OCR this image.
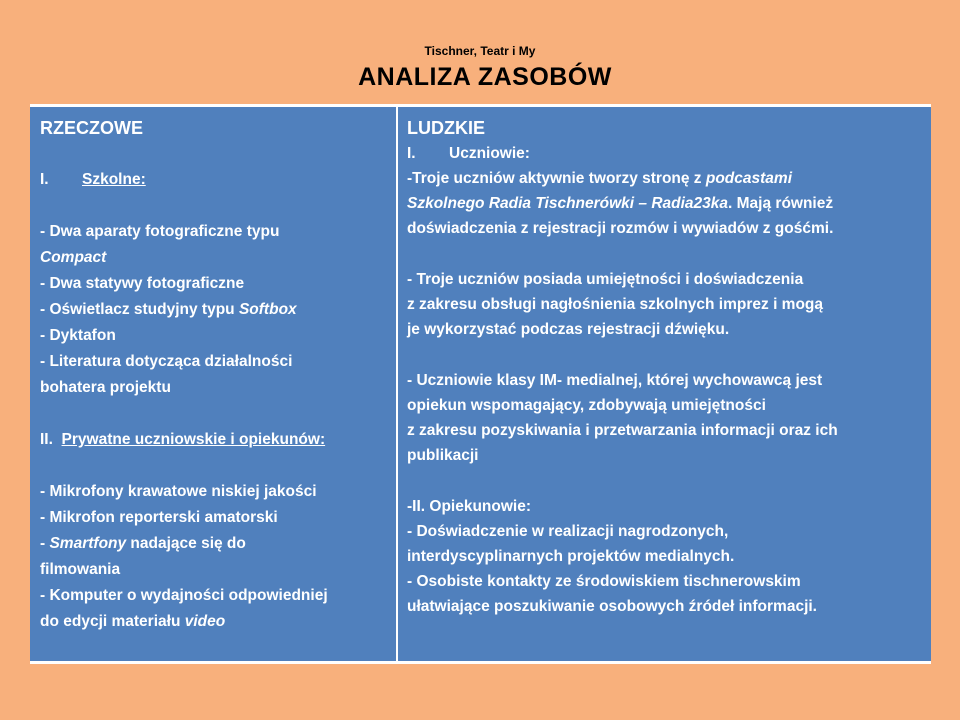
Tischner, Teatr i My
ANALIZA ZASOBÓW
RZECZOWE
I.	Szkolne:
- Dwa aparaty fotograficzne typu
Compact
- Dwa statywy fotograficzne
- Oświetlacz studyjny typu Softbox
- Dyktafon
- Literatura dotycząca działalności
bohatera projektu
II. Prywatne uczniowskie i opiekunów:
- Mikrofony krawatowe niskiej jakości
- Mikrofon reporterski amatorski
- Smartfony nadające się do
filmowania
- Komputer o wydajności odpowiedniej
do edycji materiału video
LUDZKIE
I.	Uczniowie:
-Troje uczniów aktywnie tworzy stronę z podcastami
Szkolnego Radia Tischnerówki – Radia23ka. Mają również
doświadczenia z rejestracji rozmów i wywiadów z gośćmi.
- Troje uczniów posiada umiejętności i doświadczenia
z zakresu obsługi nagłośnienia szkolnych imprez i mogą
je wykorzystać podczas rejestracji dźwięku.
- Uczniowie klasy IM- medialnej, której wychowawcą jest
opiekun wspomagający, zdobywają umiejętności
z zakresu pozyskiwania i przetwarzania informacji oraz ich
publikacji
-II. Opiekunowie:
- Doświadczenie w realizacji nagrodzonych,
interdyscyplinarnych projektów medialnych.
- Osobiste kontakty ze środowiskiem tischnerowskim
ułatwiające poszukiwanie osobowych źródeł informacji.
